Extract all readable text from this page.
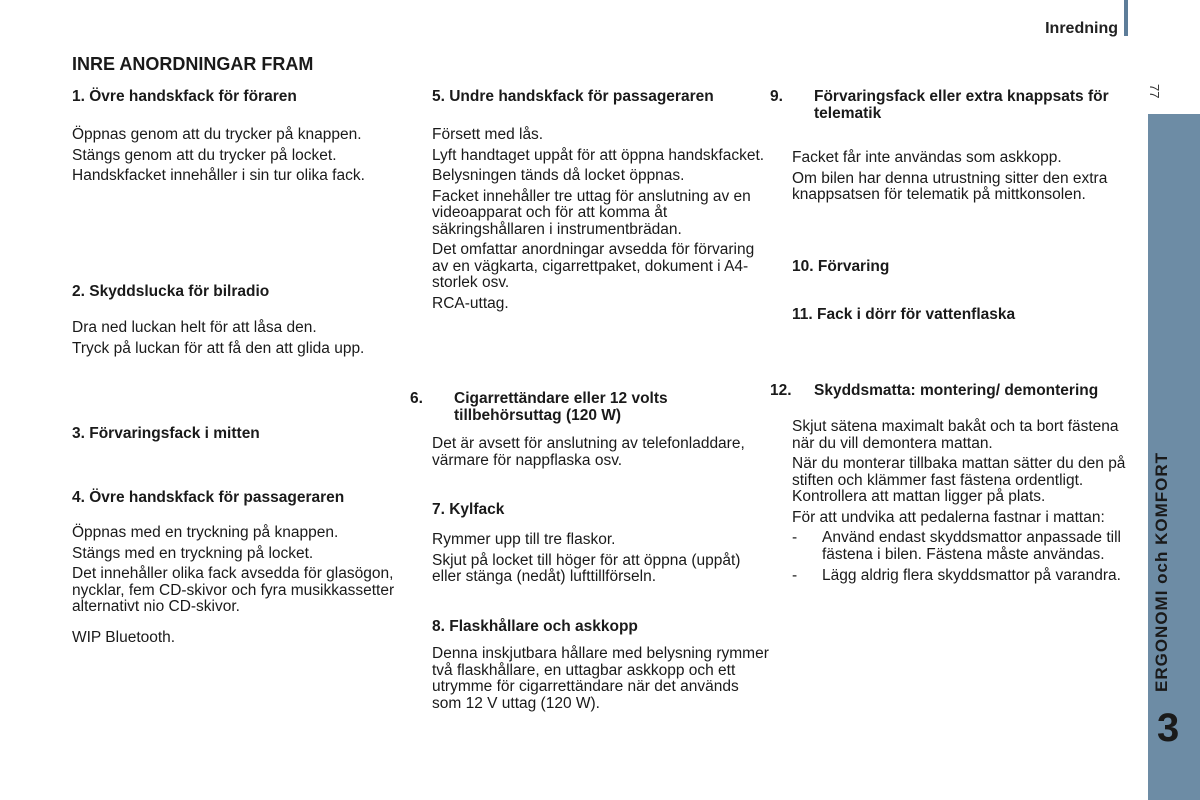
Inredning
77
ERGONOMI och KOMFORT
3
INRE ANORDNINGAR FRAM
1. Övre handskfack för föraren

Öppnas genom att du trycker på knappen.

Stängs genom att du trycker på locket.

Handskfacket innehåller i sin tur olika fack.

2. Skyddslucka för bilradio

Dra ned luckan helt för att låsa den.

Tryck på luckan för att få den att glida upp.

3. Förvaringsfack i mitten
4. Övre handskfack för passageraren

Öppnas med en tryckning på knappen.

Stängs med en tryckning på locket.

Det innehåller olika fack avsedda för glasögon, nycklar, fem CD-skivor och fyra musikkassetter alternativt nio CD-skivor.

WIP Bluetooth.

5. Undre handskfack för passageraren

Försett med lås.

Lyft handtaget uppåt för att öppna handskfacket.

Belysningen tänds då locket öppnas.

Facket innehåller tre uttag för anslutning av en videoapparat och för att komma åt säkringshållaren i instrumentbrädan.

Det omfattar anordningar avsedda för förvaring av en vägkarta, cigarrettpaket, dokument i A4-storlek osv.

RCA-uttag.

6. Cigarrettändare eller 12 volts tillbehörsuttag (120 W)

Det är avsett för anslutning av telefonladdare, värmare för nappflaska osv.

7. Kylfack

Rymmer upp till tre flaskor.

Skjut på locket till höger för att öppna (uppåt) eller stänga (nedåt) lufttillförseln.

8. Flaskhållare och askkopp

Denna inskjutbara hållare med belysning rymmer två flaskhållare, en uttagbar askkopp och ett utrymme för cigarrettändare när det används som 12 V uttag (120 W).

9. Förvaringsfack eller extra knappsats för telematik

Facket får inte användas som askkopp.

Om bilen har denna utrustning sitter den extra knappsatsen för telematik på mittkonsolen.

10. Förvaring
11. Fack i dörr för vattenflaska
12. Skyddsmatta: montering/ demontering

Skjut sätena maximalt bakåt och ta bort fästena när du vill demontera mattan.

När du monterar tillbaka mattan sätter du den på stiften och klämmer fast fästena ordentligt. Kontrollera att mattan ligger på plats.

För att undvika att pedalerna fastnar i mattan:

- Använd endast skyddsmattor anpassade till fästena i bilen. Fästena måste användas.
- Lägg aldrig flera skyddsmattor på varandra.
